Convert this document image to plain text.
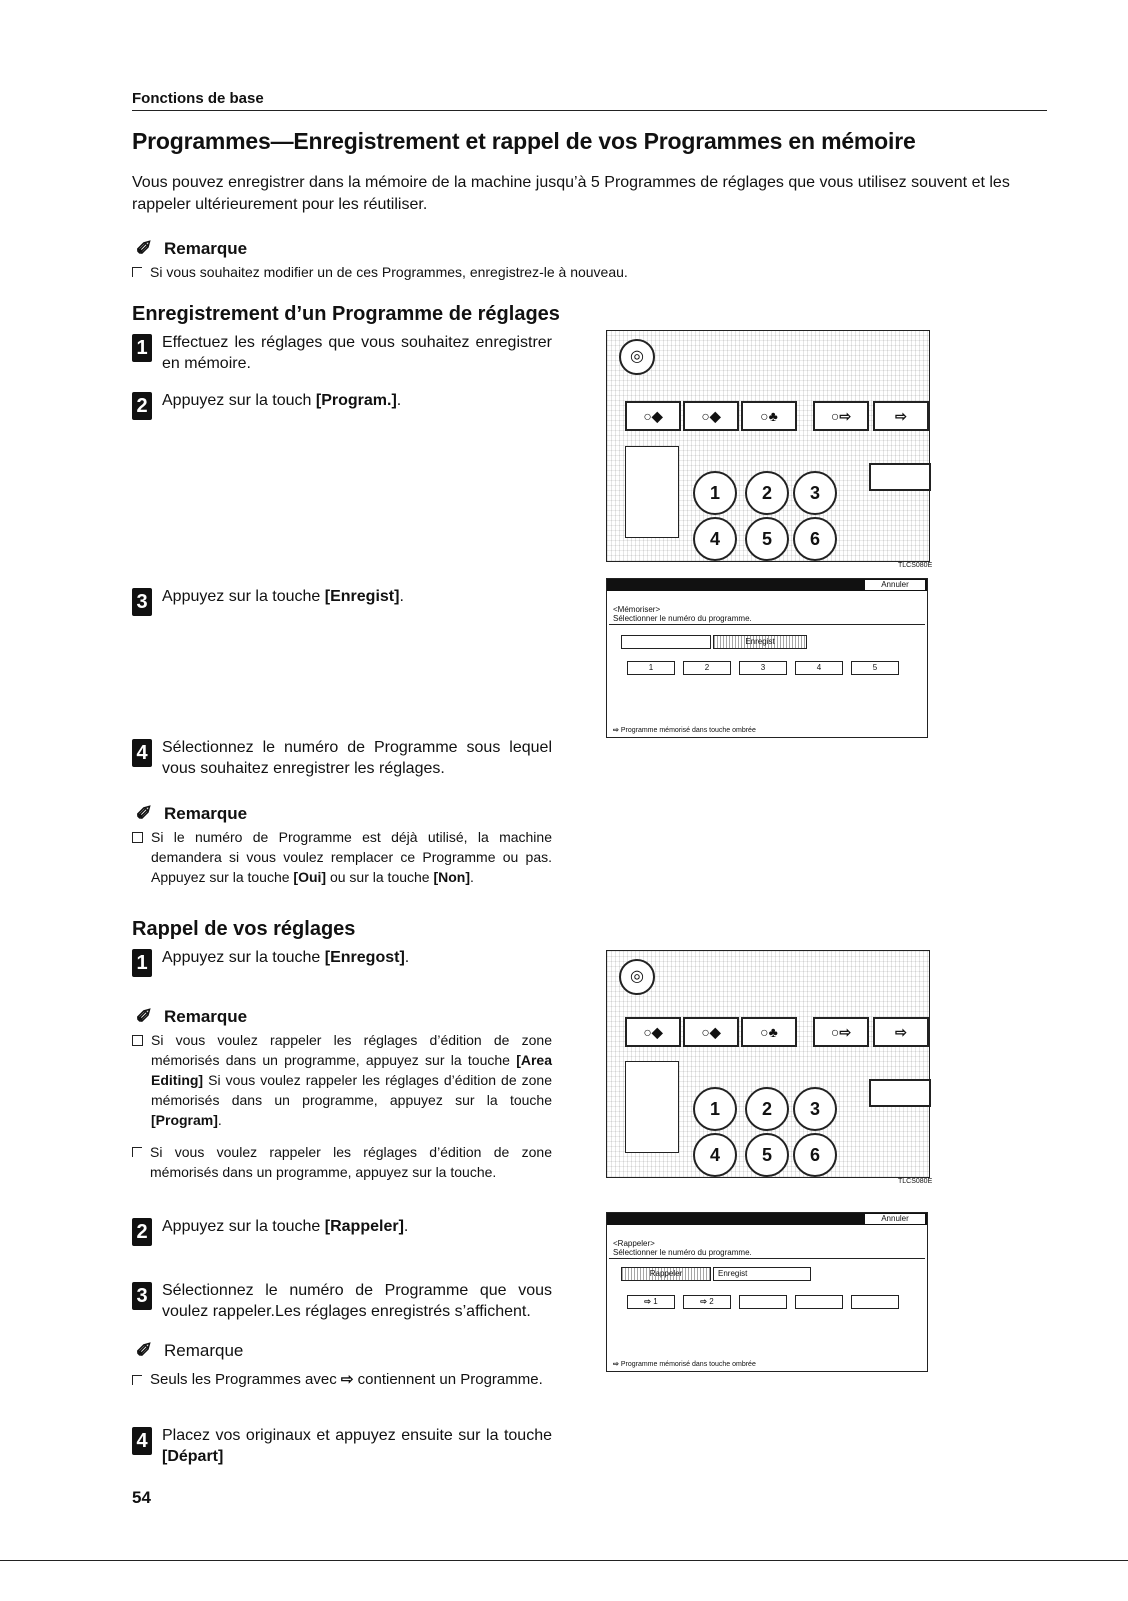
Fonctions de base
Programmes—Enregistrement et rappel de vos Programmes en mémoire
Vous pouvez enregistrer dans la mémoire de la machine jusqu’à 5 Programmes de réglages que vous utilisez souvent et les rappeler ultérieurement pour les réutiliser.
✐ Remarque
Si vous souhaitez modifier un de ces Programmes, enregistrez-le à nouveau.
Enregistrement d’un Programme de réglages
1 Effectuez les réglages que vous souhaitez enregistrer en mémoire.
2 Appuyez sur la touch [Program.].
3 Appuyez sur la touche [Enregist].
4 Sélectionnez le numéro de Programme sous lequel vous souhaitez enregistrer les réglages.
✐ Remarque
Si le numéro de Programme est déjà utilisé, la machine demandera si vous voulez remplacer ce Programme ou pas. Appuyez sur la touche [Oui] ou sur la touche [Non].
Rappel de vos réglages
1 Appuyez sur la touche [Enregost].
✐ Remarque
Si vous voulez rappeler les réglages d’édition de zone mémorisés dans un programme, appuyez sur la touche [Area Editing] Si vous voulez rappeler les réglages d’édition de zone mémorisés dans un programme, appuyez sur la touche [Program].
Si vous voulez rappeler les réglages d’édition de zone mémorisés dans un programme, appuyez sur la touche.
2 Appuyez sur la touche [Rappeler].
3 Sélectionnez le numéro de Programme que vous voulez rappeler.Les réglages enregistrés s’affichent.
✐ Remarque
Seuls les Programmes avec ⇨ contiennent un Programme.
4 Placez vos originaux et appuyez ensuite sur la touche [Départ]
◎
○◆	○◆	○♣	○⇨	⇨
1	2	3
4	5	6
TLCS080E
Annuler
<Mémoriser>
Sélectionner le numéro du programme.
Enregist
1	2	3	4	5
⇨ Programme mémorisé dans touche ombrée
◎
○◆	○◆	○♣	○⇨	⇨
1	2	3
4	5	6
TLCS080E
Annuler
<Rappeler>
Sélectionner le numéro du programme.
Rappeler	Enregist
⇨ 1	⇨ 2
⇨ Programme mémorisé dans touche ombrée
54
